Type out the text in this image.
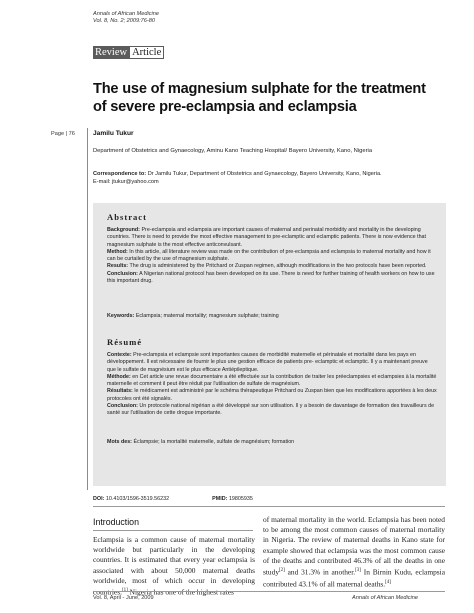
Annals of African Medicine
Vol. 8, No. 2; 2009:76-80
Review Article
The use of magnesium sulphate for the treatment of severe pre-eclampsia and eclampsia
Page | 76	Jamilu Tukur
Department of Obstetrics and Gynaecology, Aminu Kano Teaching Hospital/ Bayero University, Kano, Nigeria
Correspondence to: Dr Jamilu Tukur, Department of Obstetrics and Gynaecology, Bayero University, Kano, Nigeria.
E-mail: jtukur@yahoo.com
Abstract
Background: Pre-eclampsia and eclampsia are important causes of maternal and perinatal morbidity and mortality in the developing countries. There is need to provide the most effective management to pre-eclamptic and eclamptic patients. There is now evidence that magnesium sulphate is the most effective anticonvulsant.
Method: In this article, all literature review was made on the contribution of pre-eclampsia and eclampsia to maternal mortality and how it can be curtailed by the use of magnesium sulphate.
Results: The drug is administered by the Pritchard or Zuspan regimen, although modifications in the two protocols have been reported.
Conclusion: A Nigerian national protocol has been developed on its use. There is need for further training of health workers on how to use this important drug.
Keywords: Eclampsia; maternal mortality; magnesium sulphate; training
Résumé
Contexte: Pre-eclampsia et eclampsie sont importantes causes de morbidité maternelle et périnatale et mortalité dans les pays en développement. Il est nécessaire de fournir le plus une gestion efficace de patients pre- eclamptic et eclamptic. Il y a maintenant preuve que le sulfate de magnésium est le plus efficace Antiépileptique.
Méthode: en Cet article une revue documentaire a été effectuée sur la contribution de traiter les préeclampsies et eclampsies à la mortalité maternelle et comment il peut être réduit par l'utilisation de sulfate de magnésium.
Résultats: le médicament est administré par le schéma thérapeutique Pritchard ou Zuspan bien que les modifications apportées à les deux protocoles ont été signalés.
Conclusion: Un protocole national nigérian a été développé sur son utilisation. Il y a besoin de davantage de formation des travailleurs de santé sur l'utilisation de cette drogue importante.
Mots des: Éclampsie; la mortalité maternelle, sulfate de magnésium; formation
DOI: 10.4103/1596-3519.56232	PMID: 19805935
Introduction
Eclampsia is a common cause of maternal mortality worldwide but particularly in the developing countries. It is estimated that every year eclampsia is associated with about 50,000 maternal deaths worldwide, most of which occur in developing countries.[1] Nigeria has one of the highest rates
of maternal mortality in the world. Eclampsia has been noted to be among the most common causes of maternal mortality in Nigeria. The review of maternal deaths in Kano state for example showed that eclampsia was the most common cause of the deaths and contributed 46.3% of all the deaths in one study[2] and 31.3% in another.[3] In Birnin Kudu, eclampsia contributed 43.1% of all maternal deaths.[4]
Vol. 8, April - June, 2009	Annals of African Medicine
